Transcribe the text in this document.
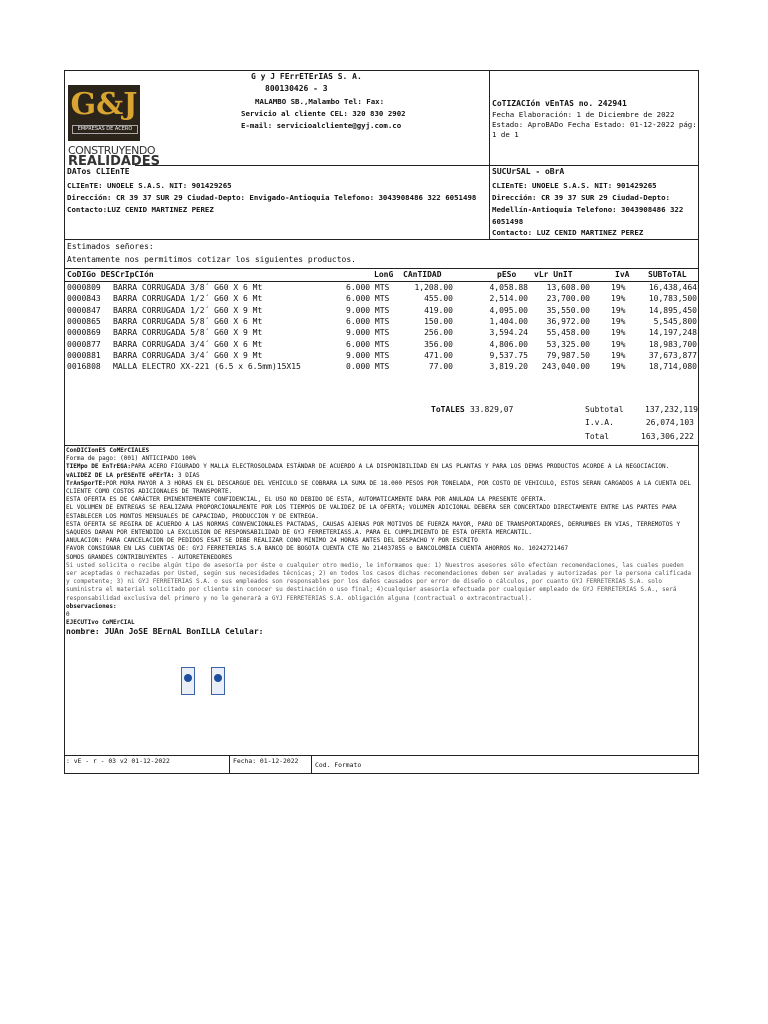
G&J
EMPRESAS DE ACERO
CONSTRUYENDO
REALIDADES
G y J FErrETErIAS S. A.
800130426 - 3
MALAMBO SB.,Malambo Tel: Fax:
Servicio al cliente CEL: 320 830 2902
E-mail: servicioalcliente@gyj.com.co
CoTIZACIón vEnTAS no. 242941
Fecha Elaboración: 1 de Diciembre de 2022
Estado: AproBADo Fecha Estado: 01-12-2022 pág:
1 de 1
DATos CLIEnTE
CLIEnTE: UNOELE S.A.S. NIT: 901429265
Dirección: CR 39 37 SUR 29 Ciudad-Depto: Envigado-Antioquia Telefono: 3043908486 322 6051498
Contacto:LUZ CENID MARTINEZ PEREZ
SUCUrSAL - oBrA
CLIEnTE: UNOELE S.A.S. NIT: 901429265
Dirección: CR 39 37 SUR 29 Ciudad-Depto:
Medellín-Antioquia Telefono: 3043908486 322
6051498
Contacto: LUZ CENID MARTINEZ PEREZ
Estimados señores:
Atentamente nos permitimos cotizar los siguientes productos.
CoDIGo DESCrIpCIón	LonG CAnTIDAD	pESo vLr UnIT	IvA SUBToTAL
0000809	BARRA CORRUGADA 3/8´ G60 X 6 Mt	6.000 MTS	1,208.00	4,058.88	13,608.00	19%	16,438,464
0000843	BARRA CORRUGADA 1/2´ G60 X 6 Mt	6.000 MTS	455.00	2,514.00	23,700.00	19%	10,783,500
0000847	BARRA CORRUGADA 1/2´ G60 X 9 Mt	9.000 MTS	419.00	4,095.00	35,550.00	19%	14,895,450
0000865	BARRA CORRUGADA 5/8´ G60 X 6 Mt	6.000 MTS	150.00	1,404.00	36,972.00	19%	5,545,800
0000869	BARRA CORRUGADA 5/8´ G60 X 9 Mt	9.000 MTS	256.00	3,594.24	55,458.00	19%	14,197,248
0000877	BARRA CORRUGADA 3/4´ G60 X 6 Mt	6.000 MTS	356.00	4,806.00	53,325.00	19%	18,983,700
0000881	BARRA CORRUGADA 3/4´ G60 X 9 Mt	9.000 MTS	471.00	9,537.75	79,987.50	19%	37,673,877
0016808	MALLA ELECTRO XX-221 (6.5 x 6.5mm)15X15	0.000 MTS	77.00	3,819.20	243,040.00	19%	18,714,080
ToTALES 33.829,07	Subtotal	137,232,119
I.v.A.	26,074,103
Total	163,306,222
ConDICIonES CoMErCIALES
Forma de pago: (001) ANTICIPADO 100%
TIEMpo DE EnTrEGA:PARA ACERO FIGURADO Y MALLA ELECTROSOLDADA ESTÁNDAR DE ACUERDO A LA DISPONIBILIDAD EN LAS PLANTAS Y PARA LOS DEMAS PRODUCTOS ACORDE A LA NEGOCIACION.
vALIDEZ DE LA prESEnTE oFErTA: 3 DIAS
TrAnSporTE:POR MORA MAYOR A 3 HORAS EN EL DESCARGUE DEL VEHICULO SE COBRARA LA SUMA DE 18.000 PESOS POR TONELADA, POR COSTO DE VEHICULO, ESTOS SERAN CARGADOS A LA CUENTA DEL CLIENTE COMO COSTOS ADICIONALES DE TRANSPORTE.
ESTA OFERTA ES DE CARÁCTER EMINENTEMENTE CONFIDENCIAL, EL USO NO DEBIDO DE ESTA, AUTOMATICAMENTE DARA POR ANULADA LA PRESENTE OFERTA.
EL VOLUMEN DE ENTREGAS SE REALIZARA PROPORCIONALMENTE POR LOS TIEMPOS DE VALIDEZ DE LA OFERTA; VOLUMEN ADICIONAL DEBERA SER CONCERTADO DIRECTAMENTE ENTRE LAS PARTES PARA ESTABLECER LOS MONTOS MENSUALES DE CAPACIDAD, PRODUCCION Y DE ENTREGA.
ESTA OFERTA SE REGIRA DE ACUERDO A LAS NORMAS CONVENCIONALES PACTADAS, CAUSAS AJENAS POR MOTIVOS DE FUERZA MAYOR, PARO DE TRANSPORTADORES, DERRUMBES EN VIAS, TERREMOTOS Y SAQUEOS DARAN POR ENTENDIDO LA EXCLUSION DE RESPONSABILIDAD DE GYJ FERRETERIASS.A. PARA EL CUMPLIMIENTO DE ESTA OFERTA MERCANTIL.
ANULACION: PARA CANCELACION DE PEDIDOS ESAT SE DEBE REALIZAR CONO MINIMO 24 HORAS ANTES DEL DESPACHO Y POR ESCRITO
FAVOR CONSIGNAR EN LAS CUENTAS DE: GYJ FERRETERIAS S.A BANCO DE BOGOTA CUENTA CTE No 214037855 o BANCOLOMBIA CUENTA AHORROS No. 10242721467
SOMOS GRANDES CONTRIBUYENTES - AUTORETENEDORES
Si usted solicita o recibe algún tipo de asesoría por éste o cualquier otro medio, le informamos que: 1) Nuestros asesores sólo efectúan recomendaciones, las cuales pueden ser aceptadas o rechazadas por Usted, según sus necesidades técnicas; 2) en todos los casos dichas recomendaciones deben ser avaladas y autorizadas por la persona calificada y competente; 3) ni GYJ FERRETERIAS S.A. o sus empleados son responsables por los daños causados por error de diseño o cálculos, por cuanto GYJ FERRETERIAS S.A. solo suministra el material solicitado por cliente sin conocer su destinación o uso final; 4)cualquier asesoría efectuada por cualquier empleado de GYJ FERRETERIAS S.A., será responsabilidad exclusiva del primero y no le generará a GYJ FERRETERIAS S.A. obligación alguna (contractual o extracontractual).
observaciones:
0
EJECUTIvo CoMErCIAL
nombre: JUAn JoSE BErnAL BonILLA Celular:
: vE - r - 03 v2 01-12-2022	Fecha: 01-12-2022	Cod. Formato
